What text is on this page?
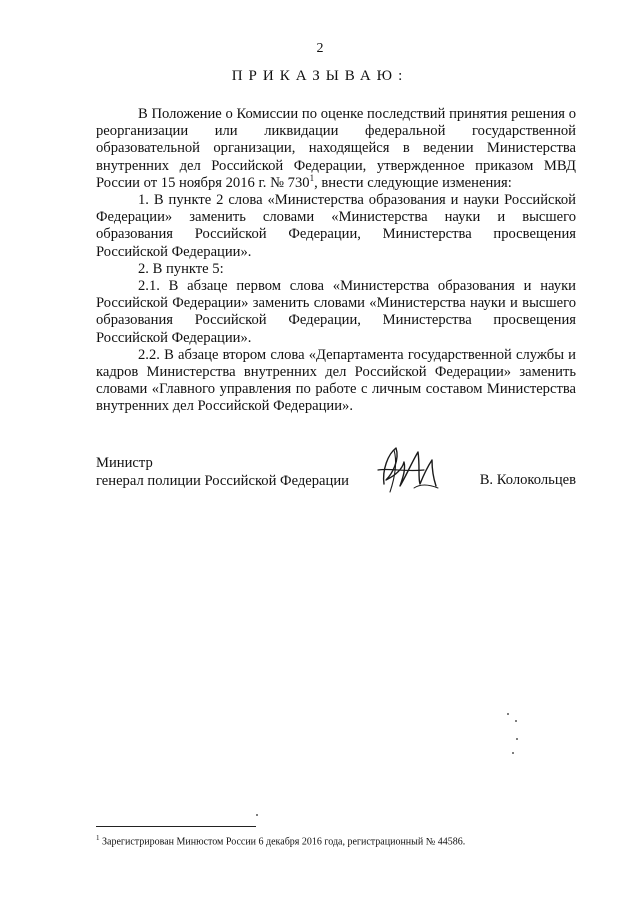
2
ПРИКАЗЫВАЮ:

В Положение о Комиссии по оценке последствий принятия решения о реорганизации или ликвидации федеральной государственной образовательной организации, находящейся в ведении Министерства внутренних дел Российской Федерации, утвержденное приказом МВД России от 15 ноября 2016 г. № $730^1$, внести следующие изменения:

1. В пункте 2 слова «Министерства образования и науки Российской Федерации» заменить словами «Министерства науки и высшего образования Российской Федерации, Министерства просвещения Российской Федерации».

2. В пункте 5:

2.1. В абзаце первом слова «Министерства образования и науки Российской Федерации» заменить словами «Министерства науки и высшего образования Российской Федерации, Министерства просвещения Российской Федерации».

2.2. В абзаце втором слова «Департамента государственной службы и кадров Министерства внутренних дел Российской Федерации» заменить словами «Главного управления по работе с личным составом Министерства внутренних дел Российской Федерации».

Министр
генерал полиции Российской Федерации	В. Колокольцев
$^1$ Зарегистрирован Минюстом России 6 декабря 2016 года, регистрационный № 44586.
